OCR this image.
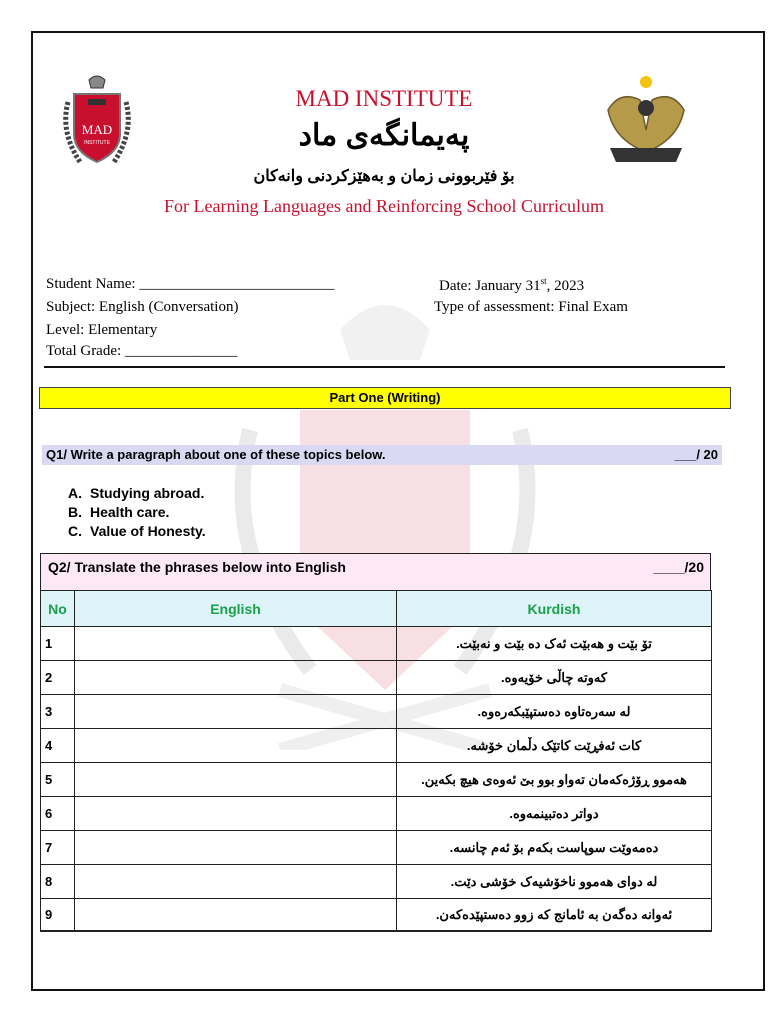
MAD
INSTITUTE
MAD INSTITUTE
پەیمانگەی ماد
بۆ فێربوونی زمان و بەهێزکردنی وانەکان
For Learning Languages and Reinforcing School Curriculum
Student Name: __________________________	Date: January 31st, 2023
Subject: English (Conversation)	Type of assessment: Final Exam
Level: Elementary
Total Grade: _______________
Part One (Writing)
Q1/ Write a paragraph about one of these topics below.	___/ 20
A. Studying abroad.
B. Health care.
C. Value of Honesty.
Q2/ Translate the phrases below into English	____/20
No	English	Kurdish
1		تۆ بێت و هەبێت ئەک دە بێت و نەبێت.
2		کەوتە چاڵی خۆیەوە.
3		لە سەرەتاوە دەستپێبکەرەوە.
4		کات ئەفڕێت کاتێک دڵمان خۆشە.
5		هەموو ڕۆژەکەمان تەواو بوو بێ ئەوەی هیچ بکەین.
6		دواتر دەتبینمەوە.
7		دەمەوێت سوپاست بکەم بۆ ئەم چانسە.
8		لە دوای هەموو ناخۆشیەک خۆشی دێت.
9		ئەوانە دەگەن بە ئامانج کە زوو دەستپێدەکەن.
